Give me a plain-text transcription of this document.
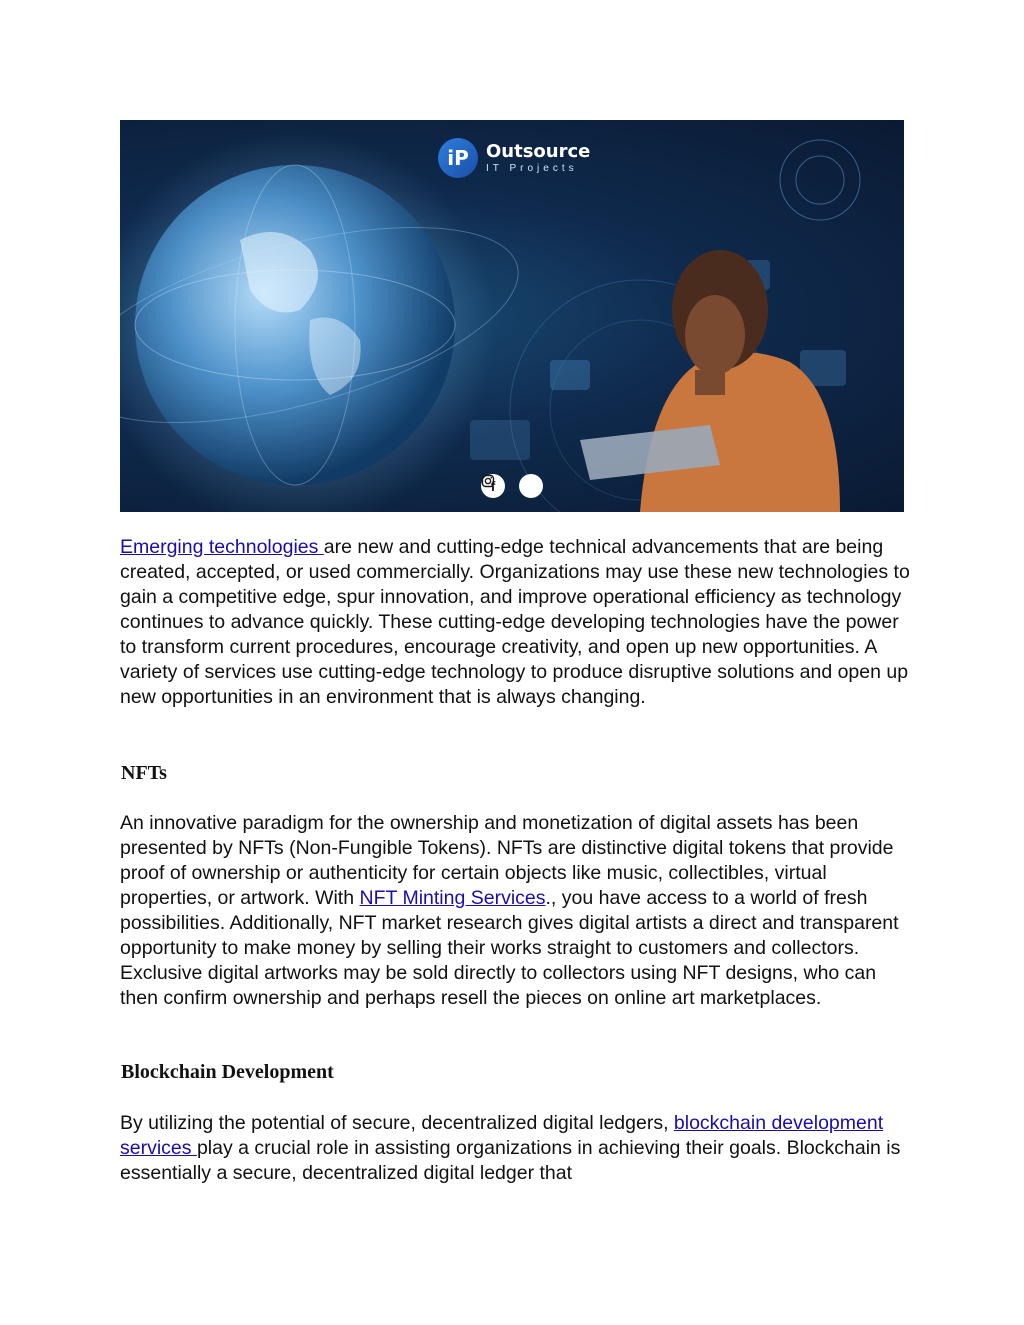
iP Outsource
IT Projects
f

Emerging technologies are new and cutting-edge technical advancements that are being created, accepted, or used commercially. Organizations may use these new technologies to gain a competitive edge, spur innovation, and improve operational efficiency as technology continues to advance quickly. These cutting-edge developing technologies have the power to transform current procedures, encourage creativity, and open up new opportunities. A variety of services use cutting-edge technology to produce disruptive solutions and open up new opportunities in an environment that is always changing.

NFTs

An innovative paradigm for the ownership and monetization of digital assets has been presented by NFTs (Non-Fungible Tokens). NFTs are distinctive digital tokens that provide proof of ownership or authenticity for certain objects like music, collectibles, virtual properties, or artwork. With NFT Minting Services., you have access to a world of fresh possibilities. Additionally, NFT market research gives digital artists a direct and transparent opportunity to make money by selling their works straight to customers and collectors. Exclusive digital artworks may be sold directly to collectors using NFT designs, who can then confirm ownership and perhaps resell the pieces on online art marketplaces.

Blockchain Development

By utilizing the potential of secure, decentralized digital ledgers, blockchain development services play a crucial role in assisting organizations in achieving their goals. Blockchain is essentially a secure, decentralized digital ledger that
